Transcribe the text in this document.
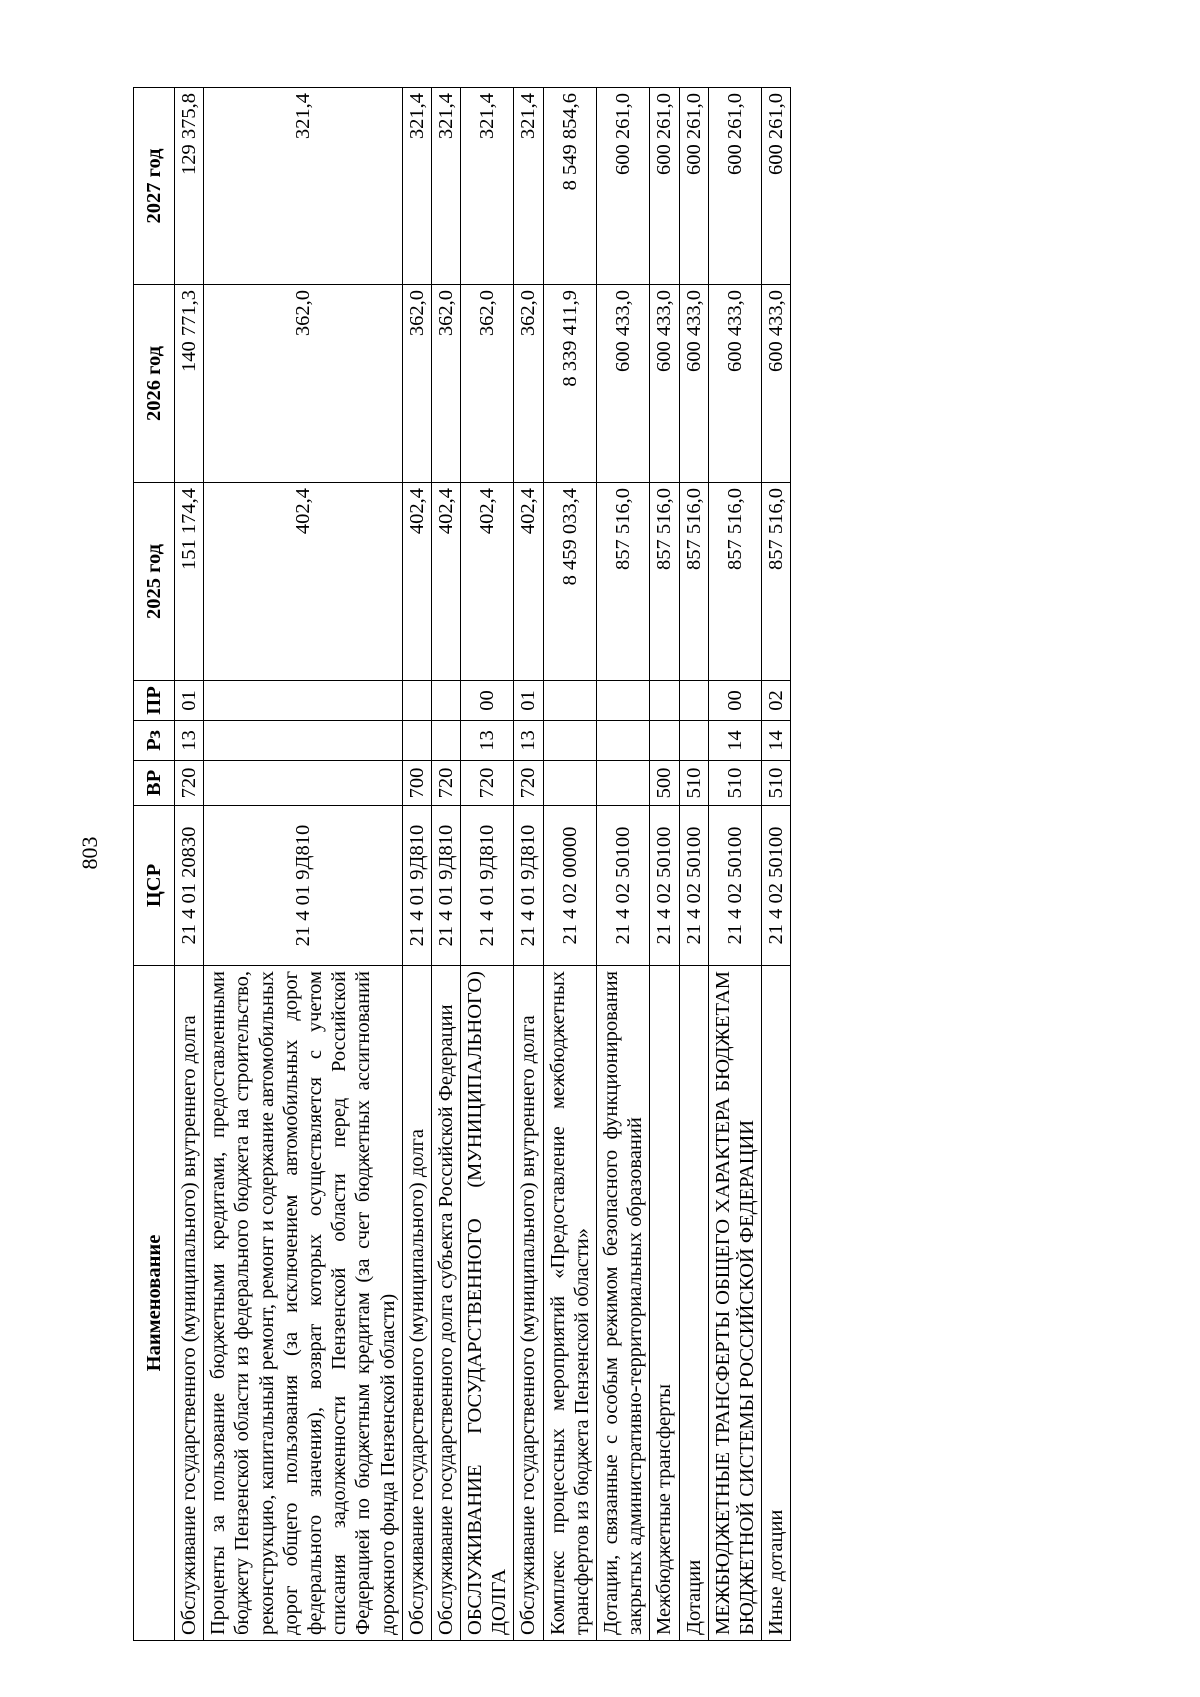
803
Наименование	ЦСР	ВР	Рз	ПР	2025 год	2026 год	2027 год
Обслуживание государственного (муниципального) внутреннего долга	21 4 01 20830	720	13	01	151 174,4	140 771,3	129 375,8
Проценты за пользование бюджетными кредитами, предоставленными бюджету Пензенской области из федерального бюджета на строительство, реконструкцию, капитальный ремонт, ремонт и содержание автомобильных дорог общего пользования (за исключением автомобильных дорог федерального значения), возврат которых осуществляется с учетом списания задолженности Пензенской области перед Российской Федерацией по бюджетным кредитам (за счет бюджетных ассигнований дорожного фонда Пензенской области)	21 4 01 9Д810				402,4	362,0	321,4
Обслуживание государственного (муниципального) долга	21 4 01 9Д810	700			402,4	362,0	321,4
Обслуживание государственного долга субъекта Российской Федерации	21 4 01 9Д810	720			402,4	362,0	321,4
ОБСЛУЖИВАНИЕ ГОСУДАРСТВЕННОГО (МУНИЦИПАЛЬНОГО) ДОЛГА	21 4 01 9Д810	720	13	00	402,4	362,0	321,4
Обслуживание государственного (муниципального) внутреннего долга	21 4 01 9Д810	720	13	01	402,4	362,0	321,4
Комплекс процессных мероприятий «Предоставление межбюджетных трансфертов из бюджета Пензенской области»	21 4 02 00000				8 459 033,4	8 339 411,9	8 549 854,6
Дотации, связанные с особым режимом безопасного функционирования закрытых административно-территориальных образований	21 4 02 50100				857 516,0	600 433,0	600 261,0
Межбюджетные трансферты	21 4 02 50100	500			857 516,0	600 433,0	600 261,0
Дотации	21 4 02 50100	510			857 516,0	600 433,0	600 261,0
МЕЖБЮДЖЕТНЫЕ ТРАНСФЕРТЫ ОБЩЕГО ХАРАКТЕРА БЮДЖЕТАМ БЮДЖЕТНОЙ СИСТЕМЫ РОССИЙСКОЙ ФЕДЕРАЦИИ	21 4 02 50100	510	14	00	857 516,0	600 433,0	600 261,0
Иные дотации	21 4 02 50100	510	14	02	857 516,0	600 433,0	600 261,0
